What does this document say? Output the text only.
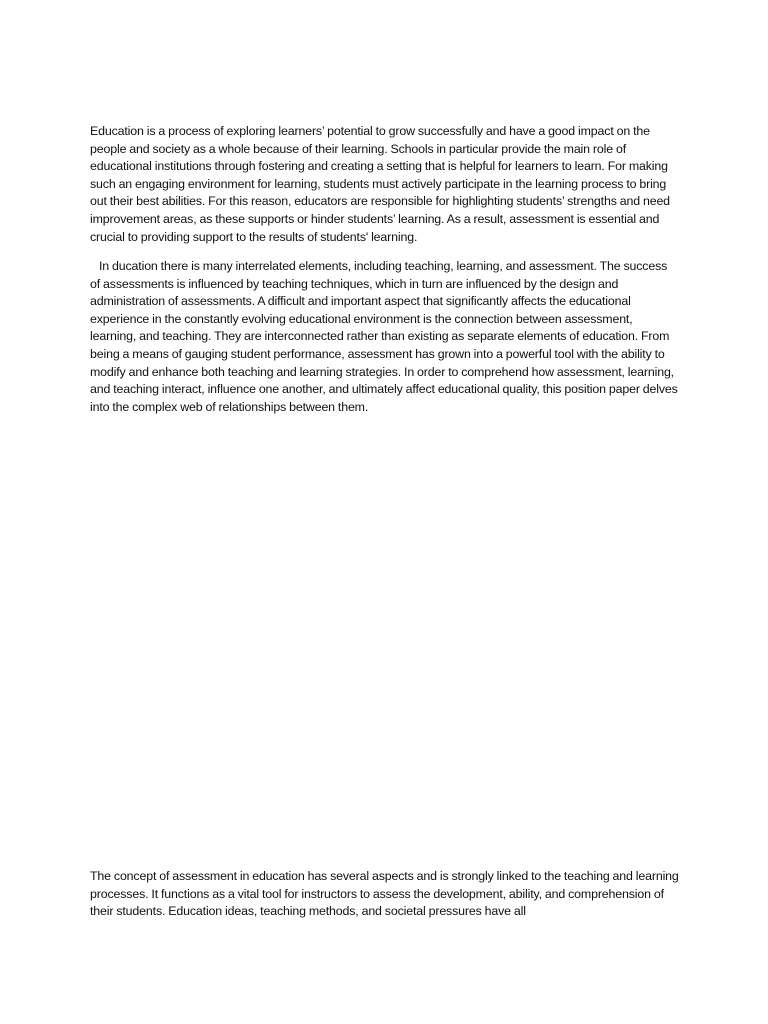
Education is a process of exploring learners’ potential to grow successfully and have a good impact on the people and society as a whole because of their learning. Schools in particular provide the main role of educational institutions through fostering and creating a setting that is helpful for learners to learn. For making such an engaging environment for learning, students must actively participate in the learning process to bring out their best abilities. For this reason, educators are responsible for highlighting students’ strengths and need improvement areas, as these supports or hinder students’ learning. As a result, assessment is essential and crucial to providing support to the results of students' learning.

In ducation there is many interrelated elements, including teaching, learning, and assessment. The success of assessments is influenced by teaching techniques, which in turn are influenced by the design and administration of assessments. A difficult and important aspect that significantly affects the educational experience in the constantly evolving educational environment is the connection between assessment, learning, and teaching. They are interconnected rather than existing as separate elements of education. From being a means of gauging student performance, assessment has grown into a powerful tool with the ability to modify and enhance both teaching and learning strategies. In order to comprehend how assessment, learning, and teaching interact, influence one another, and ultimately affect educational quality, this position paper delves into the complex web of relationships between them.

The concept of assessment in education has several aspects and is strongly linked to the teaching and learning processes. It functions as a vital tool for instructors to assess the development, ability, and comprehension of their students. Education ideas, teaching methods, and societal pressures have all
